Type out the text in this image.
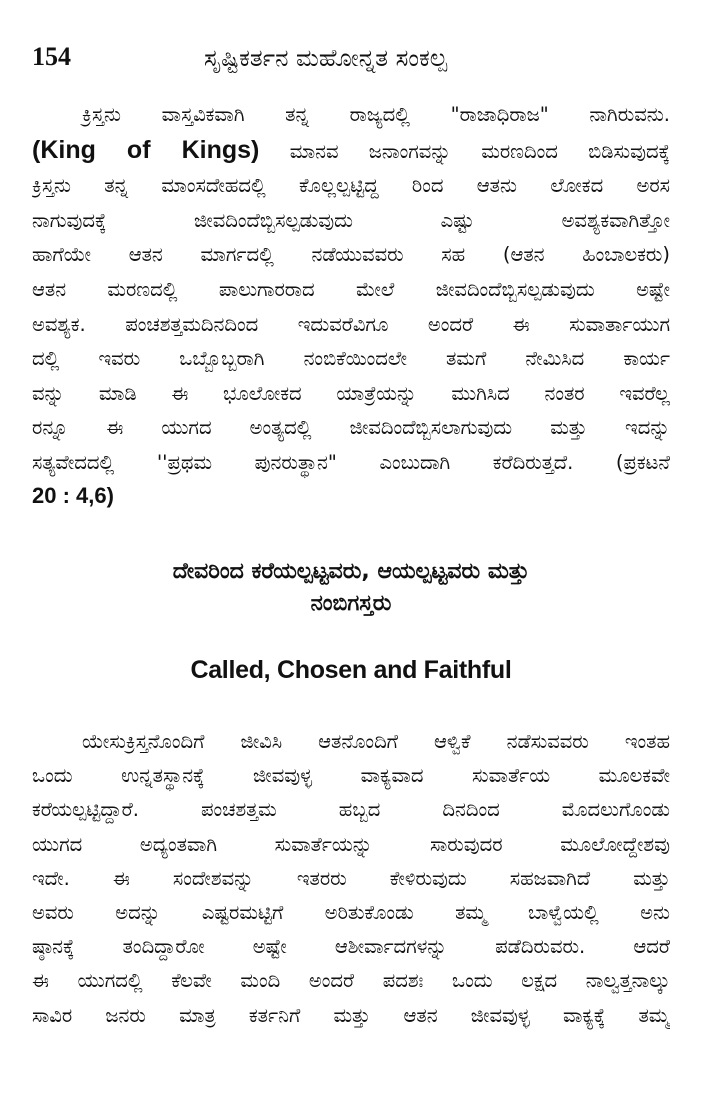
154	ಸೃಷ್ಟಿಕರ್ತನ ಮಹೋನ್ನತ ಸಂಕಲ್ಪ
ಕ್ರಿಸ್ತನು ವಾಸ್ತವಿಕವಾಗಿ ತನ್ನ ರಾಜ್ಯದಲ್ಲಿ "ರಾಜಾಧಿರಾಜ" ನಾಗಿರುವನು.
(King of Kings) ಮಾನವ ಜನಾಂಗವನ್ನು ಮರಣದಿಂದ ಬಿಡಿಸುವುದಕ್ಕೆ
ಕ್ರಿಸ್ತನು ತನ್ನ ಮಾಂಸದೇಹದಲ್ಲಿ ಕೊಲ್ಲಲ್ಪಟ್ಟಿದ್ದ ರಿಂದ ಆತನು ಲೋಕದ ಅರಸ
ನಾಗುವುದಕ್ಕೆ ಜೀವದಿಂದೆಬ್ಬಿಸಲ್ಪಡುವುದು ಎಷ್ಟು ಅವಶ್ಯಕವಾಗಿತ್ತೋ
ಹಾಗೆಯೇ ಆತನ ಮಾರ್ಗದಲ್ಲಿ ನಡೆಯುವವರು ಸಹ (ಆತನ ಹಿಂಬಾಲಕರು)
ಆತನ ಮರಣದಲ್ಲಿ ಪಾಲುಗಾರರಾದ ಮೇಲೆ ಜೀವದಿಂದೆಬ್ಬಿಸಲ್ಪಡುವುದು ಅಷ್ಟೇ
ಅವಶ್ಯಕ. ಪಂಚಶತ್ತಮದಿನದಿಂದ ಇದುವರೆವಿಗೂ ಅಂದರೆ ಈ ಸುವಾರ್ತಾಯುಗ
ದಲ್ಲಿ ಇವರು ಒಬ್ಬೊಬ್ಬರಾಗಿ ನಂಬಿಕೆಯಿಂದಲೇ ತಮಗೆ ನೇಮಿಸಿದ ಕಾರ್ಯ
ವನ್ನು ಮಾಡಿ ಈ ಭೂಲೋಕದ ಯಾತ್ರೆಯನ್ನು ಮುಗಿಸಿದ ನಂತರ ಇವರೆಲ್ಲ
ರನ್ನೂ ಈ ಯುಗದ ಅಂತ್ಯದಲ್ಲಿ ಜೀವದಿಂದೆಬ್ಬಿಸಲಾಗುವುದು ಮತ್ತು ಇದನ್ನು
ಸತ್ಯವೇದದಲ್ಲಿ ''ಪ್ರಥಮ ಪುನರುತ್ಥಾನ" ಎಂಬುದಾಗಿ ಕರೆದಿರುತ್ತದೆ. (ಪ್ರಕಟನೆ
20 : 4,6)
ದೇವರಿಂದ ಕರೆಯಲ್ಪಟ್ಟವರು, ಆಯಲ್ಪಟ್ಟವರು ಮತ್ತು
ನಂಬಿಗಸ್ತರು
Called, Chosen and Faithful
ಯೇಸುಕ್ರಿಸ್ತನೊಂದಿಗೆ ಜೀವಿಸಿ ಆತನೊಂದಿಗೆ ಆಳ್ವಿಕೆ ನಡೆಸುವವರು ಇಂತಹ
ಒಂದು ಉನ್ನತಸ್ಥಾನಕ್ಕೆ ಜೀವವುಳ್ಳ ವಾಕ್ಯವಾದ ಸುವಾರ್ತೆಯ ಮೂಲಕವೇ
ಕರೆಯಲ್ಪಟ್ಟಿದ್ದಾರೆ. ಪಂಚಶತ್ತಮ ಹಬ್ಬದ ದಿನದಿಂದ ಮೊದಲುಗೊಂಡು
ಯುಗದ ಅದ್ಯಂತವಾಗಿ ಸುವಾರ್ತೆಯನ್ನು ಸಾರುವುದರ ಮೂಲೋದ್ದೇಶವು
ಇದೇ. ಈ ಸಂದೇಶವನ್ನು ಇತರರು ಕೇಳಿರುವುದು ಸಹಜವಾಗಿದೆ ಮತ್ತು
ಅವರು ಅದನ್ನು ಎಷ್ಟರಮಟ್ಟಿಗೆ ಅರಿತುಕೊಂಡು ತಮ್ಮ ಬಾಳ್ವೆಯಲ್ಲಿ ಅನು
ಷ್ಠಾನಕ್ಕೆ ತಂದಿದ್ದಾರೋ ಅಷ್ಟೇ ಆಶೀರ್ವಾದಗಳನ್ನು ಪಡೆದಿರುವರು. ಆದರೆ
ಈ ಯುಗದಲ್ಲಿ ಕೆಲವೇ ಮಂದಿ ಅಂದರೆ ಪದಶಃ ಒಂದು ಲಕ್ಷದ ನಾಲ್ವತ್ತನಾಲ್ಕು
ಸಾವಿರ ಜನರು ಮಾತ್ರ ಕರ್ತನಿಗೆ ಮತ್ತು ಆತನ ಜೀವವುಳ್ಳ ವಾಕ್ಯಕ್ಕೆ ತಮ್ಮ
